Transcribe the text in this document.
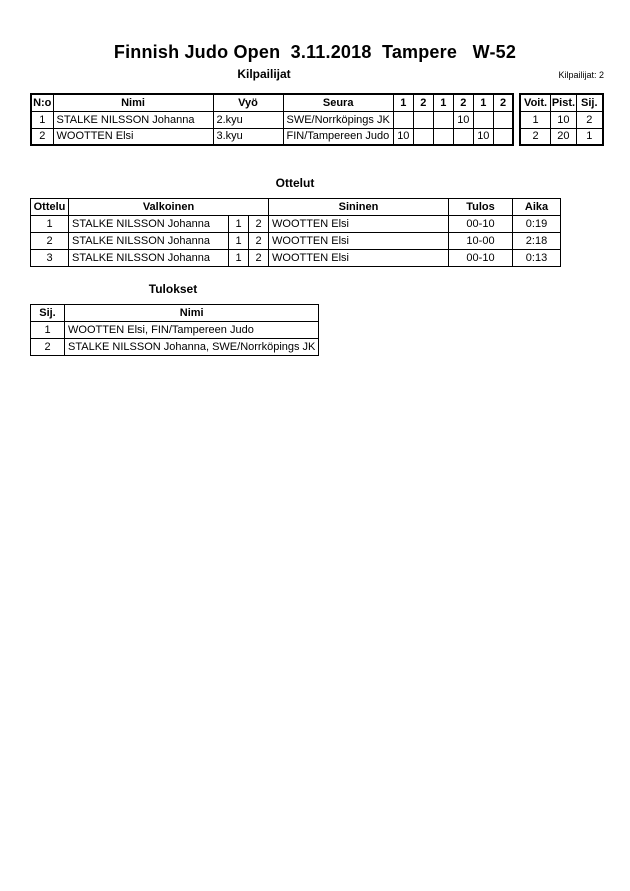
Finnish Judo Open  3.11.2018  Tampere   W-52
Kilpailijat	Kilpailijat: 2
N:o	Nimi	Vyö	Seura	1	2	1	2	1	2
1	STALKE NILSSON Johanna	2.kyu	SWE/Norrköpings JK				10		
2	WOOTTEN Elsi	3.kyu	FIN/Tampereen Judo	10				10	
Voit.	Pist.	Sij.
1	10	2
2	20	1
Ottelut
Ottelu	Valkoinen			Sininen	Tulos	Aika
1	STALKE NILSSON Johanna	1	2	WOOTTEN Elsi	00-10	0:19
2	STALKE NILSSON Johanna	1	2	WOOTTEN Elsi	10-00	2:18
3	STALKE NILSSON Johanna	1	2	WOOTTEN Elsi	00-10	0:13
Tulokset
Sij.	Nimi
1	WOOTTEN Elsi, FIN/Tampereen Judo
2	STALKE NILSSON Johanna, SWE/Norrköpings JK
